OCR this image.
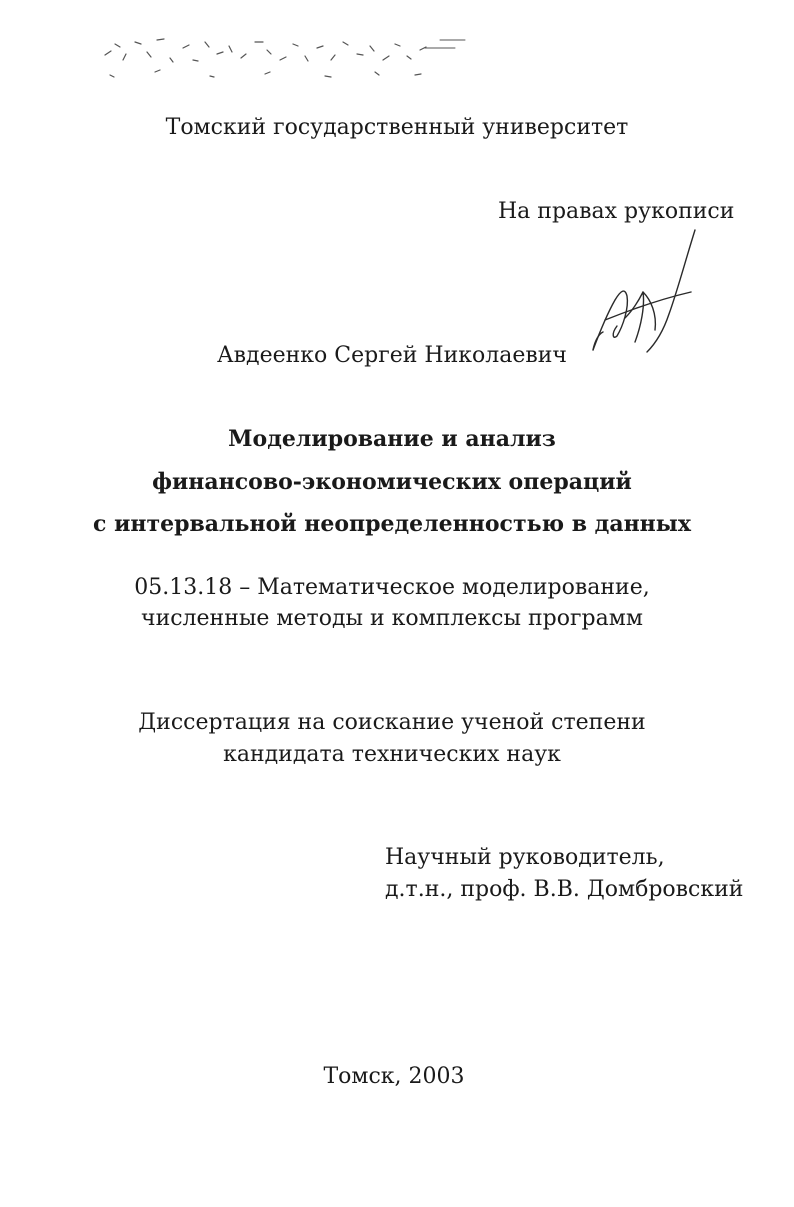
Томский государственный университет
На правах рукописи
Авдеенко Сергей Николаевич
Моделирование и анализ
финансово-экономических операций
с интервальной неопределенностью в данных
05.13.18 – Математическое моделирование,
численные методы и комплексы программ
Диссертация на соискание ученой степени
кандидата технических наук
Научный руководитель,
д.т.н., проф. В.В. Домбровский
Томск, 2003
